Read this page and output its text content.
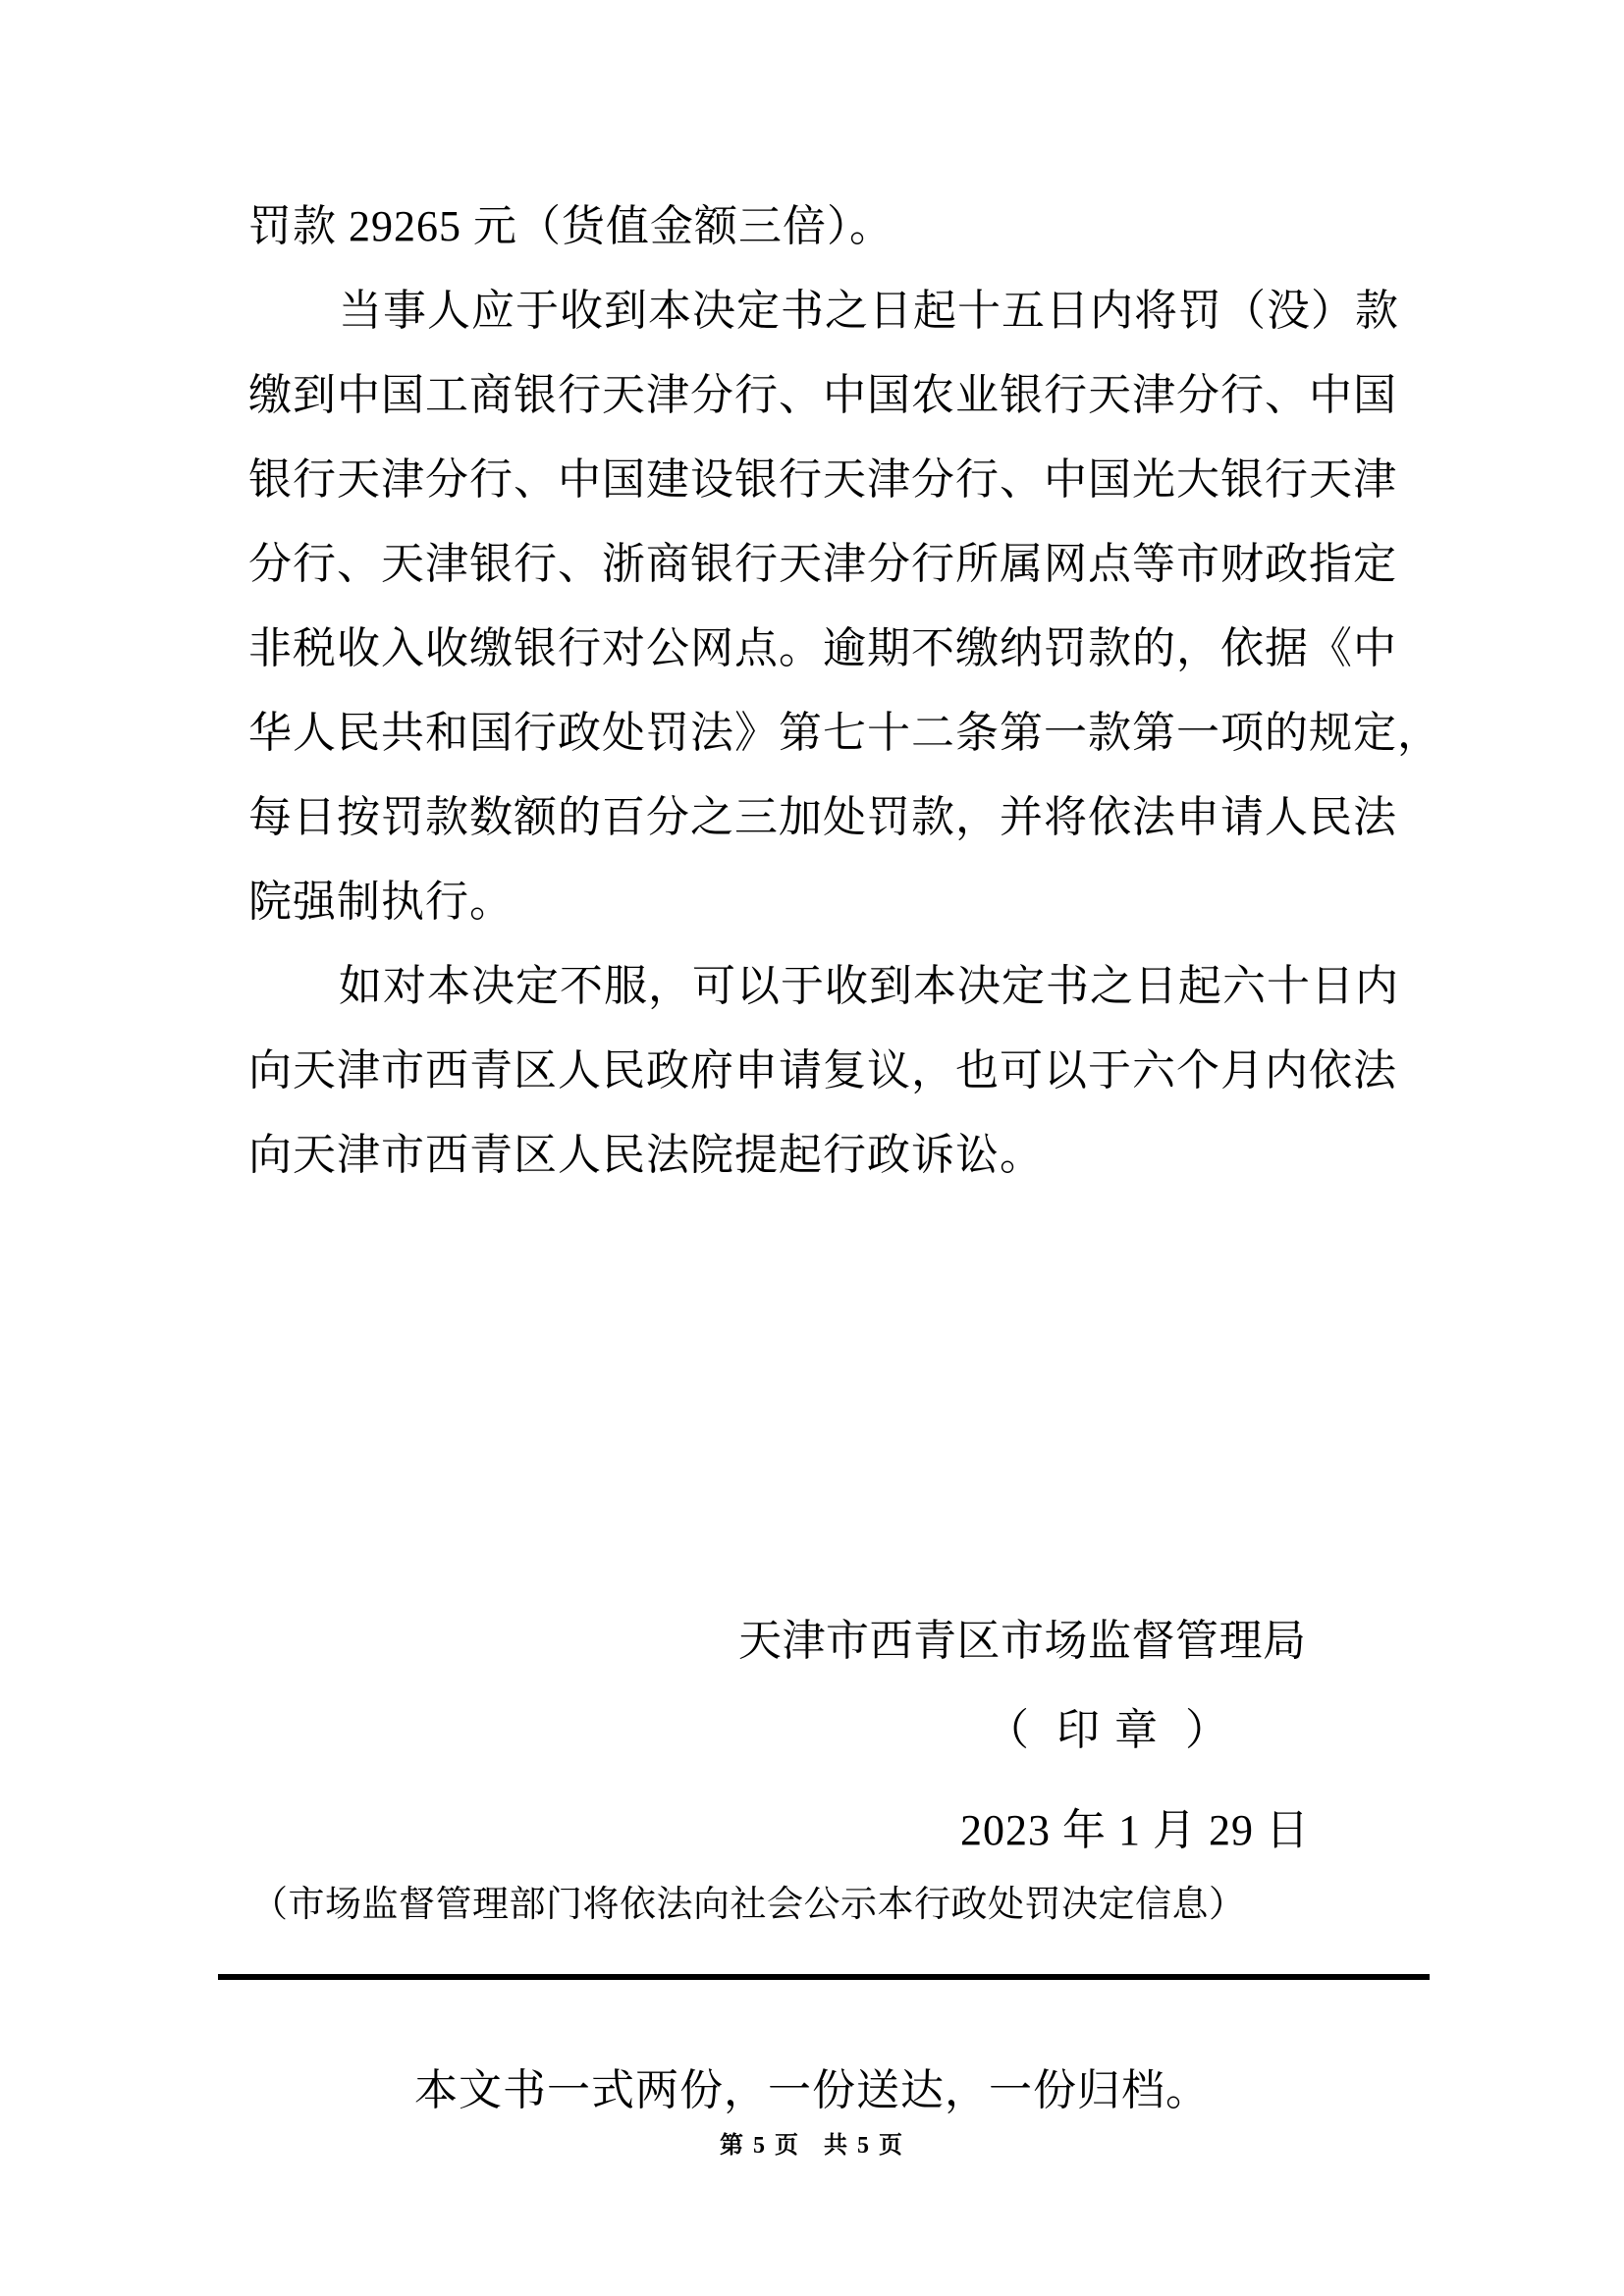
罚款 29265 元（货值金额三倍）。
当事人应于收到本决定书之日起十五日内将罚（没）款
缴到中国工商银行天津分行、中国农业银行天津分行、中国
银行天津分行、中国建设银行天津分行、中国光大银行天津
分行、天津银行、浙商银行天津分行所属网点等市财政指定
非税收入收缴银行对公网点。逾期不缴纳罚款的，依据《中
华人民共和国行政处罚法》第七十二条第一款第一项的规定，
每日按罚款数额的百分之三加处罚款，并将依法申请人民法
院强制执行。
如对本决定不服，可以于收到本决定书之日起六十日内
向天津市西青区人民政府申请复议，也可以于六个月内依法
向天津市西青区人民法院提起行政诉讼。
天津市西青区市场监督管理局
（  印 章  ）
2023 年 1 月 29 日
（市场监督管理部门将依法向社会公示本行政处罚决定信息）
本文书一式两份，一份送达，一份归档。
第 5 页   共 5 页
